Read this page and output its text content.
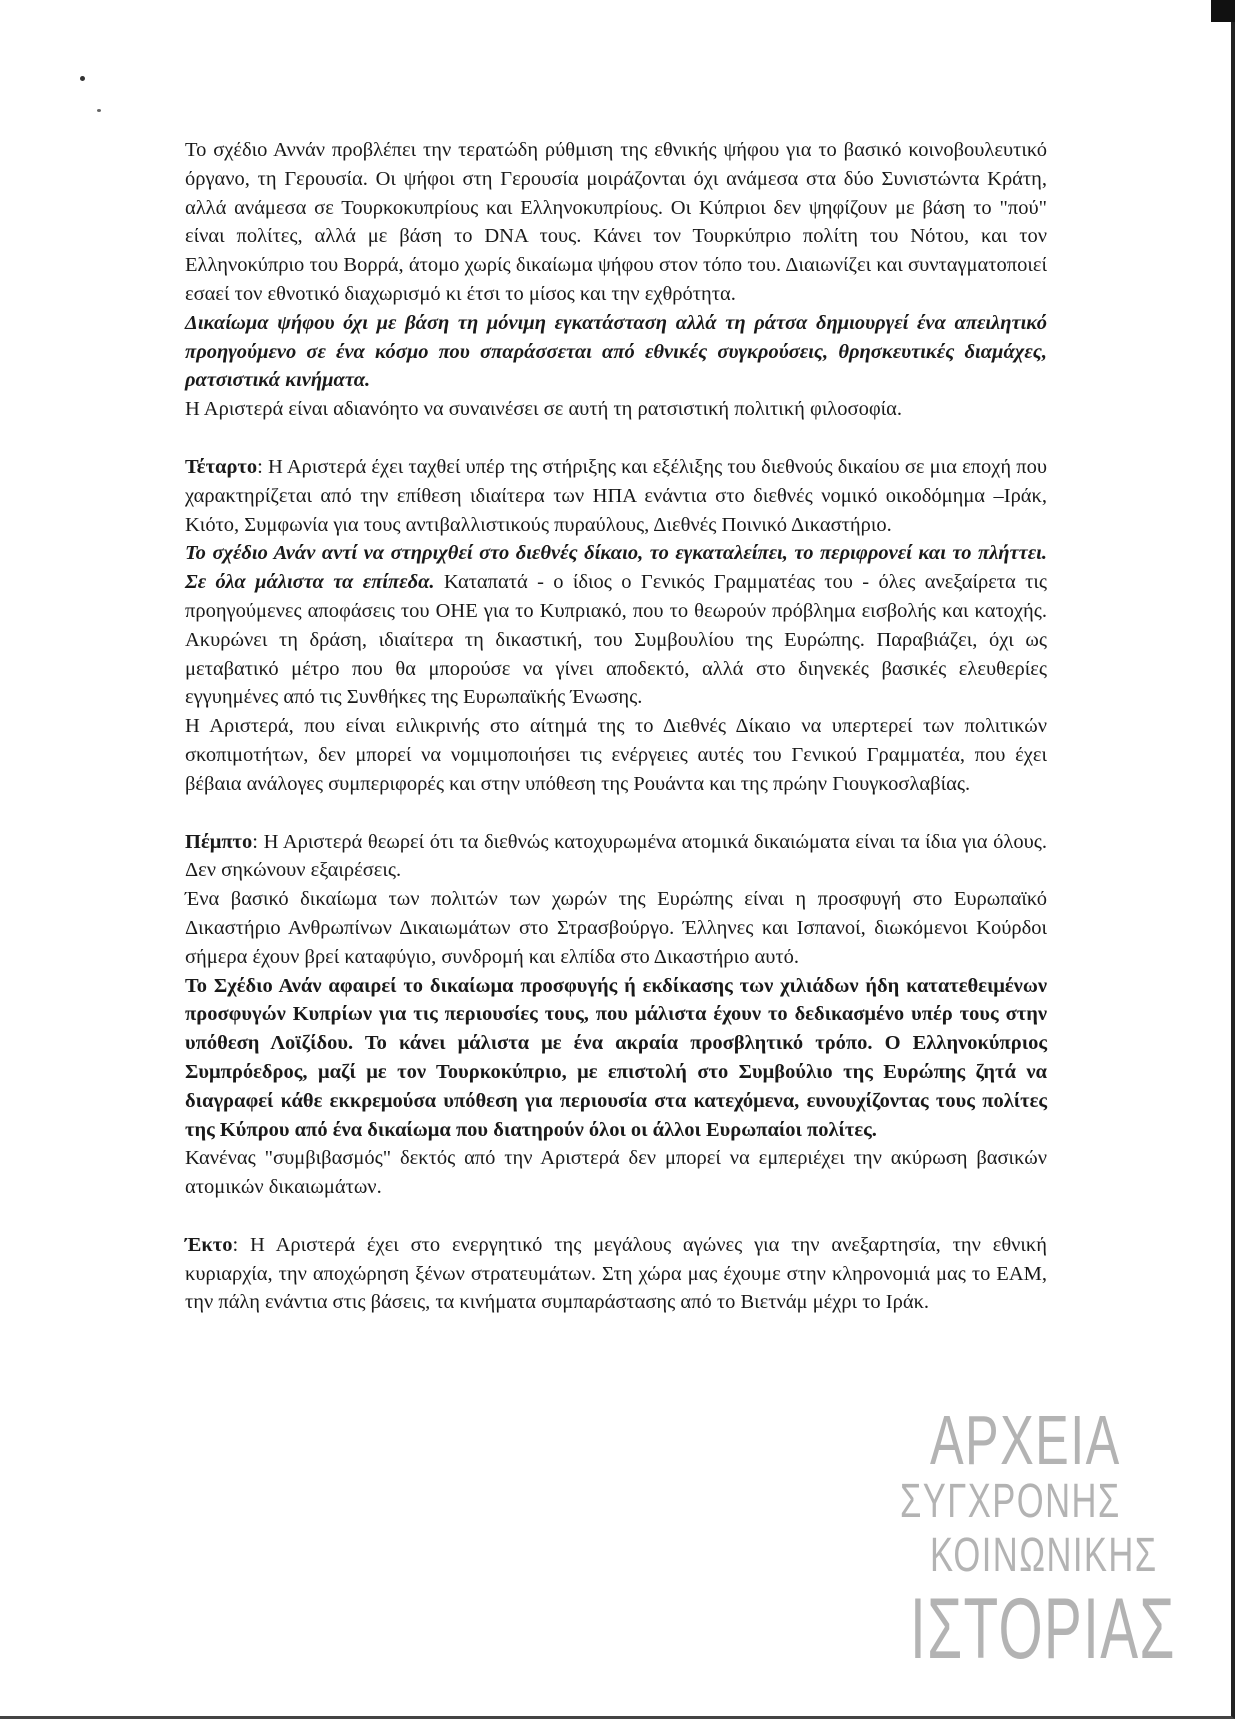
Το σχέδιο Αννάν προβλέπει την τερατώδη ρύθμιση της εθνικής ψήφου για το βασικό κοινοβουλευτικό όργανο, τη Γερουσία. Οι ψήφοι στη Γερουσία μοιράζονται όχι ανάμεσα στα δύο Συνιστώντα Κράτη, αλλά ανάμεσα σε Τουρκοκυπρίους και Ελληνοκυπρίους. Οι Κύπριοι δεν ψηφίζουν με βάση το "πού" είναι πολίτες, αλλά με βάση το DNA τους. Κάνει τον Τουρκύπριο πολίτη του Νότου, και τον Ελληνοκύπριο του Βορρά, άτομο χωρίς δικαίωμα ψήφου στον τόπο του. Διαιωνίζει και συνταγματοποιεί εσαεί τον εθνοτικό διαχωρισμό κι έτσι το μίσος και την εχθρότητα.

Δικαίωμα ψήφου όχι με βάση τη μόνιμη εγκατάσταση αλλά τη ράτσα δημιουργεί ένα απειλητικό προηγούμενο σε ένα κόσμο που σπαράσσεται από εθνικές συγκρούσεις, θρησκευτικές διαμάχες, ρατσιστικά κινήματα.

Η Αριστερά είναι αδιανόητο να συναινέσει σε αυτή τη ρατσιστική πολιτική φιλοσοφία.

Τέταρτο: Η Αριστερά έχει ταχθεί υπέρ της στήριξης και εξέλιξης του διεθνούς δικαίου σε μια εποχή που χαρακτηρίζεται από την επίθεση ιδιαίτερα των ΗΠΑ ενάντια στο διεθνές νομικό οικοδόμημα –Ιράκ, Κιότο, Συμφωνία για τους αντιβαλλιστικούς πυραύλους, Διεθνές Ποινικό Δικαστήριο.

Το σχέδιο Ανάν αντί να στηριχθεί στο διεθνές δίκαιο, το εγκαταλείπει, το περιφρονεί και το πλήττει. Σε όλα μάλιστα τα επίπεδα. Καταπατά - ο ίδιος ο Γενικός Γραμματέας του - όλες ανεξαίρετα τις προηγούμενες αποφάσεις του ΟΗΕ για το Κυπριακό, που το θεωρούν πρόβλημα εισβολής και κατοχής. Ακυρώνει τη δράση, ιδιαίτερα τη δικαστική, του Συμβουλίου της Ευρώπης. Παραβιάζει, όχι ως μεταβατικό μέτρο που θα μπορούσε να γίνει αποδεκτό, αλλά στο διηνεκές βασικές ελευθερίες εγγυημένες από τις Συνθήκες της Ευρωπαϊκής Ένωσης.

Η Αριστερά, που είναι ειλικρινής στο αίτημά της το Διεθνές Δίκαιο να υπερτερεί των πολιτικών σκοπιμοτήτων, δεν μπορεί να νομιμοποιήσει τις ενέργειες αυτές του Γενικού Γραμματέα, που έχει βέβαια ανάλογες συμπεριφορές και στην υπόθεση της Ρουάντα και της πρώην Γιουγκοσλαβίας.

Πέμπτο: Η Αριστερά θεωρεί ότι τα διεθνώς κατοχυρωμένα ατομικά δικαιώματα είναι τα ίδια για όλους. Δεν σηκώνουν εξαιρέσεις.

Ένα βασικό δικαίωμα των πολιτών των χωρών της Ευρώπης είναι η προσφυγή στο Ευρωπαϊκό Δικαστήριο Ανθρωπίνων Δικαιωμάτων στο Στρασβούργο. Έλληνες και Ισπανοί, διωκόμενοι Κούρδοι σήμερα έχουν βρεί καταφύγιο, συνδρομή και ελπίδα στο Δικαστήριο αυτό.

Το Σχέδιο Ανάν αφαιρεί το δικαίωμα προσφυγής ή εκδίκασης των χιλιάδων ήδη κατατεθειμένων προσφυγών Κυπρίων για τις περιουσίες τους, που μάλιστα έχουν το δεδικασμένο υπέρ τους στην υπόθεση Λοϊζίδου. Το κάνει μάλιστα με ένα ακραία προσβλητικό τρόπο. Ο Ελληνοκύπριος Συμπρόεδρος, μαζί με τον Τουρκοκύπριο, με επιστολή στο Συμβούλιο της Ευρώπης ζητά να διαγραφεί κάθε εκκρεμούσα υπόθεση για περιουσία στα κατεχόμενα, ευνουχίζοντας τους πολίτες της Κύπρου από ένα δικαίωμα που διατηρούν όλοι οι άλλοι Ευρωπαίοι πολίτες.

Κανένας "συμβιβασμός" δεκτός από την Αριστερά δεν μπορεί να εμπεριέχει την ακύρωση βασικών ατομικών δικαιωμάτων.

Έκτο: Η Αριστερά έχει στο ενεργητικό της μεγάλους αγώνες για την ανεξαρτησία, την εθνική κυριαρχία, την αποχώρηση ξένων στρατευμάτων. Στη χώρα μας έχουμε στην κληρονομιά μας το ΕΑΜ, την πάλη ενάντια στις βάσεις, τα κινήματα συμπαράστασης από το Βιετνάμ μέχρι το Ιράκ.

ΑΡΧΕΙΑ
ΣΥΓΧΡΟΝΗΣ
ΚΟΙΝΩΝΙΚΗΣ
ΙΣΤΟΡΙΑΣ
